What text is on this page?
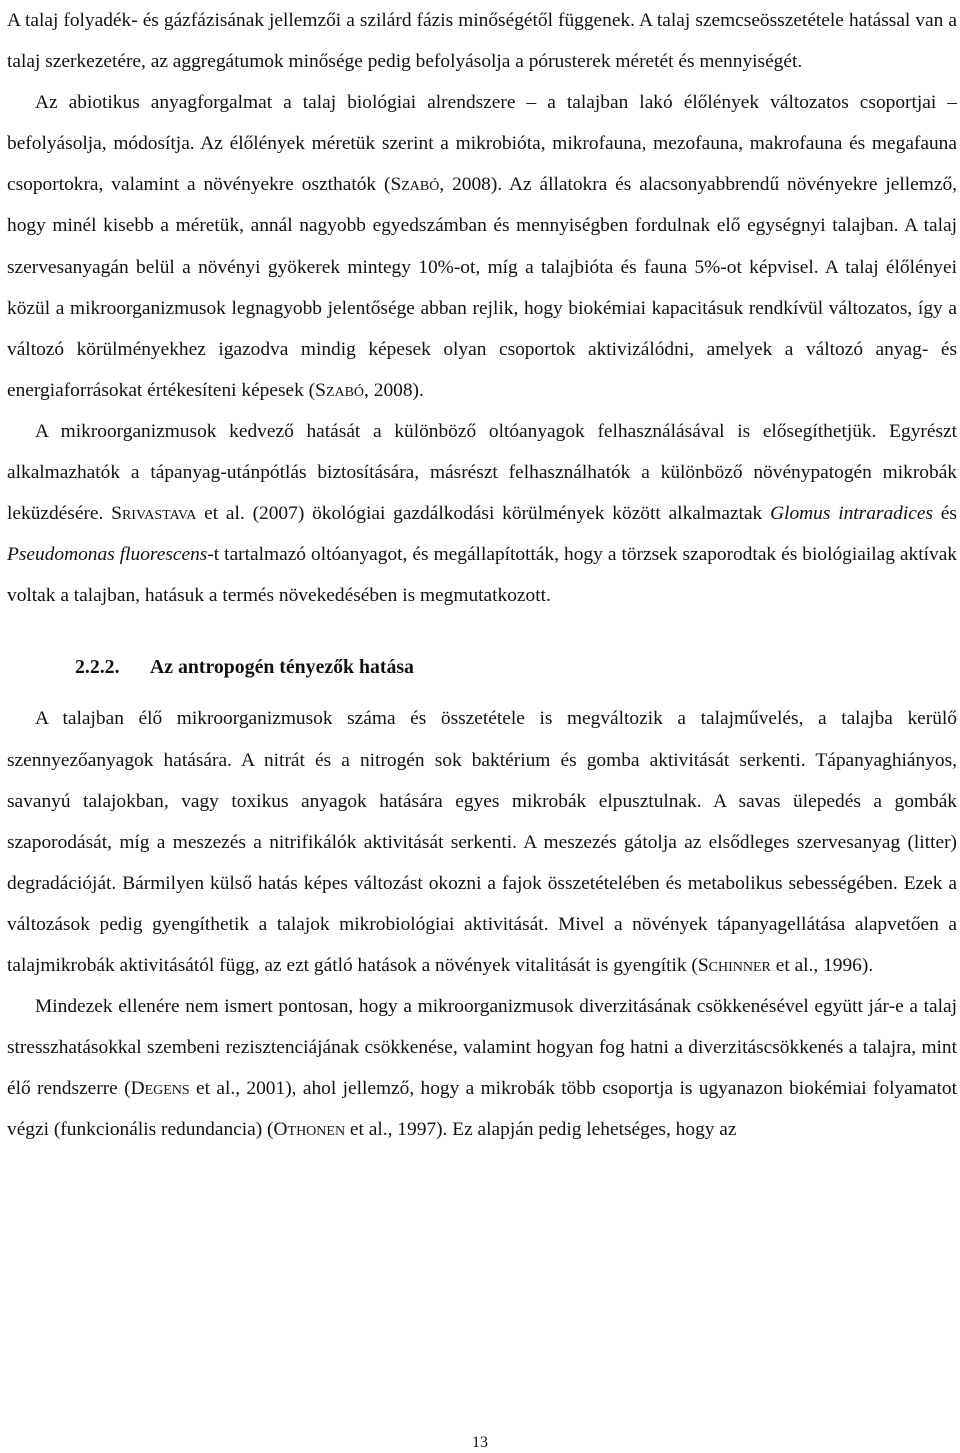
A talaj folyadék- és gázfázisának jellemzői a szilárd fázis minőségétől függenek. A talaj szemcseösszetétele hatással van a talaj szerkezetére, az aggregátumok minősége pedig befolyásolja a pórusterek méretét és mennyiségét.

Az abiotikus anyagforgalmat a talaj biológiai alrendszere – a talajban lakó élőlények változatos csoportjai – befolyásolja, módosítja. Az élőlények méretük szerint a mikrobióta, mikrofauna, mezofauna, makrofauna és megafauna csoportokra, valamint a növényekre oszthatók (Szabó, 2008). Az állatokra és alacsonyabbrendű növényekre jellemző, hogy minél kisebb a méretük, annál nagyobb egyedszámban és mennyiségben fordulnak elő egységnyi talajban. A talaj szervesanyagán belül a növényi gyökerek mintegy 10%-ot, míg a talajbióta és fauna 5%-ot képvisel. A talaj élőlényei közül a mikroorganizmusok legnagyobb jelentősége abban rejlik, hogy biokémiai kapacitásuk rendkívül változatos, így a változó körülményekhez igazodva mindig képesek olyan csoportok aktivizálódni, amelyek a változó anyag- és energiaforrásokat értékesíteni képesek (Szabó, 2008).

A mikroorganizmusok kedvező hatását a különböző oltóanyagok felhasználásával is elősegíthetjük. Egyrészt alkalmazhatók a tápanyag-utánpótlás biztosítására, másrészt felhasználhatók a különböző növénypatogén mikrobák leküzdésére. Srivastava et al. (2007) ökológiai gazdálkodási körülmények között alkalmaztak Glomus intraradices és Pseudomonas fluorescens-t tartalmazó oltóanyagot, és megállapították, hogy a törzsek szaporodtak és biológiailag aktívak voltak a talajban, hatásuk a termés növekedésében is megmutatkozott.

2.2.2. Az antropogén tényezők hatása

A talajban élő mikroorganizmusok száma és összetétele is megváltozik a talajművelés, a talajba kerülő szennyezőanyagok hatására. A nitrát és a nitrogén sok baktérium és gomba aktivitását serkenti. Tápanyaghiányos, savanyú talajokban, vagy toxikus anyagok hatására egyes mikrobák elpusztulnak. A savas ülepedés a gombák szaporodását, míg a meszezés a nitrifikálók aktivitását serkenti. A meszezés gátolja az elsődleges szervesanyag (litter) degradációját. Bármilyen külső hatás képes változást okozni a fajok összetételében és metabolikus sebességében. Ezek a változások pedig gyengíthetik a talajok mikrobiológiai aktivitását. Mivel a növények tápanyagellátása alapvetően a talajmikrobák aktivitásától függ, az ezt gátló hatások a növények vitalitását is gyengítik (Schinner et al., 1996).

Mindezek ellenére nem ismert pontosan, hogy a mikroorganizmusok diverzitásának csökkenésével együtt jár-e a talaj stresszhatásokkal szembeni rezisztenciájának csökkenése, valamint hogyan fog hatni a diverzitáscsökkenés a talajra, mint élő rendszerre (Degens et al., 2001), ahol jellemző, hogy a mikrobák több csoportja is ugyanazon biokémiai folyamatot végzi (funkcionális redundancia) (Othonen et al., 1997). Ez alapján pedig lehetséges, hogy az

13
